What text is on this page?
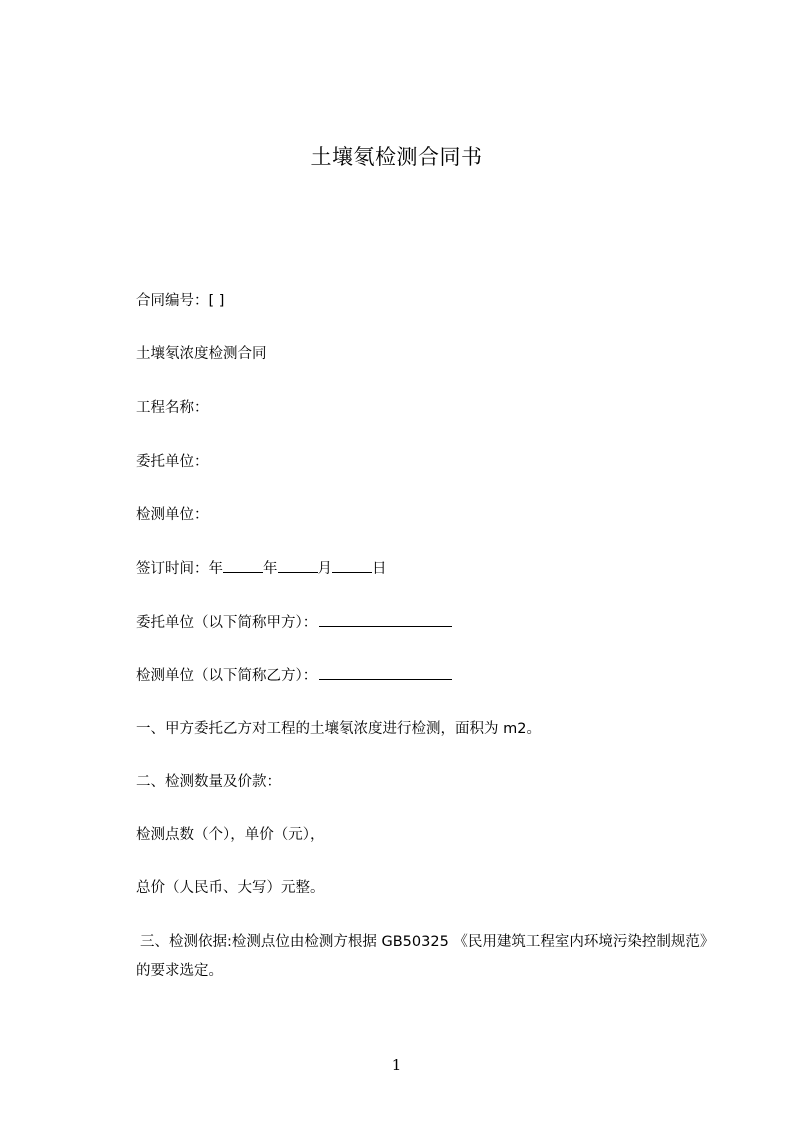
土壤氡检测合同书
合同编号：[ ]
土壤氡浓度检测合同
工程名称：
委托单位：
检测单位：
签订时间：年	年	月	日
委托单位（以下简称甲方）：
检测单位（以下简称乙方）：
一、甲方委托乙方对工程的土壤氡浓度进行检测，面积为 m2。
二、检测数量及价款：
检测点数（个），单价（元），
总价（人民币、大写）元整。
三、检测依据:检测点位由检测方根据 GB50325 《民用建筑工程室内环境污染控制规范》的要求选定。
1
